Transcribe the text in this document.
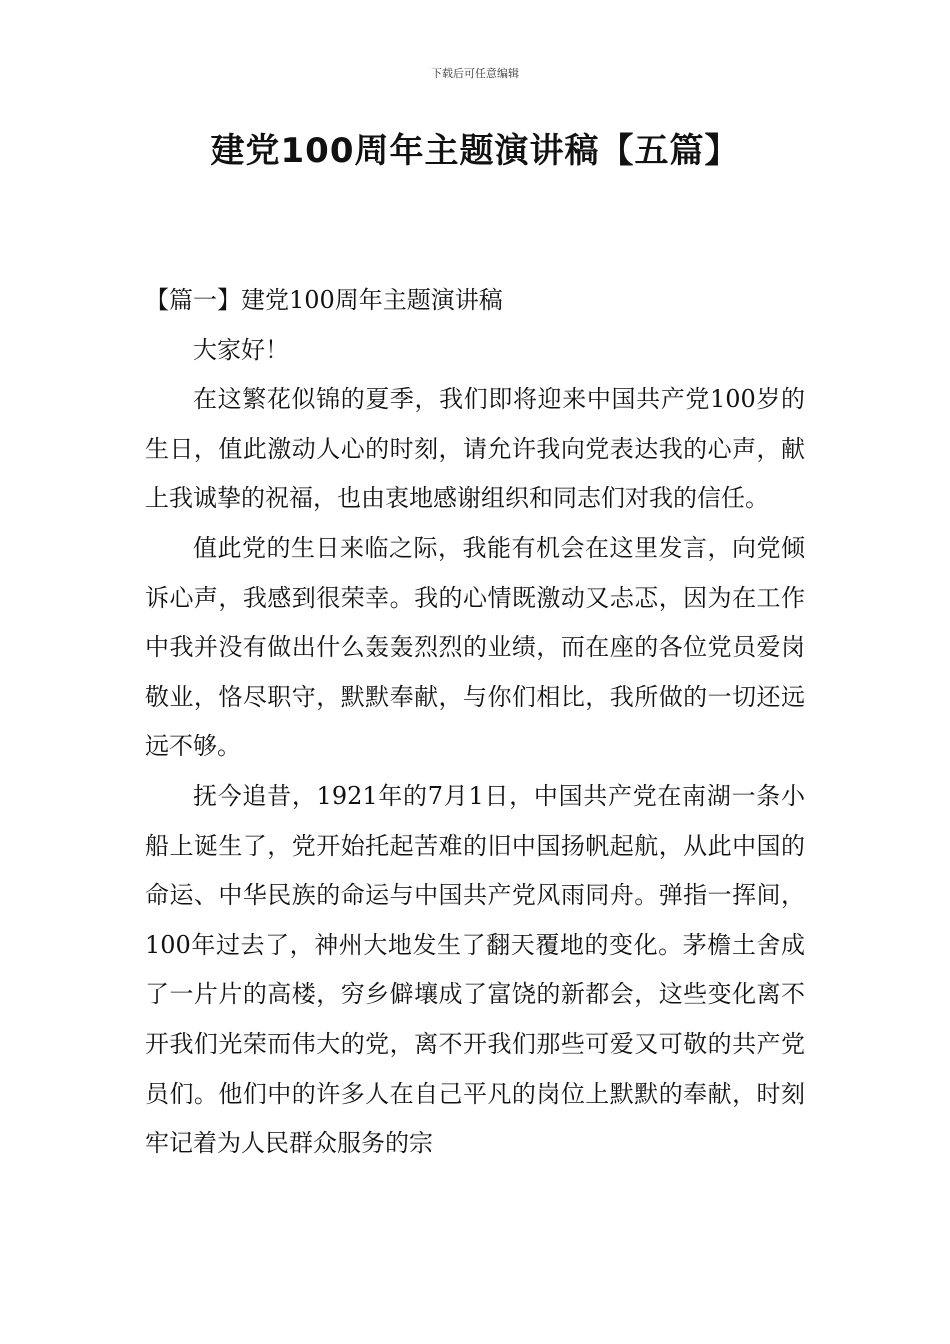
下载后可任意编辑
建党100周年主题演讲稿【五篇】

【篇一】建党100周年主题演讲稿

大家好！

在这繁花似锦的夏季，我们即将迎来中国共产党100岁的生日，值此激动人心的时刻，请允许我向党表达我的心声，献上我诚挚的祝福，也由衷地感谢组织和同志们对我的信任。

值此党的生日来临之际，我能有机会在这里发言，向党倾诉心声，我感到很荣幸。我的心情既激动又忐忑，因为在工作中我并没有做出什么轰轰烈烈的业绩，而在座的各位党员爱岗敬业，恪尽职守，默默奉献，与你们相比，我所做的一切还远远不够。

抚今追昔，1921年的7月1日，中国共产党在南湖一条小船上诞生了，党开始托起苦难的旧中国扬帆起航，从此中国的命运、中华民族的命运与中国共产党风雨同舟。弹指一挥间，100年过去了，神州大地发生了翻天覆地的变化。茅檐土舍成了一片片的高楼，穷乡僻壤成了富饶的新都会，这些变化离不开我们光荣而伟大的党，离不开我们那些可爱又可敬的共产党员们。他们中的许多人在自己平凡的岗位上默默的奉献，时刻牢记着为人民群众服务的宗
